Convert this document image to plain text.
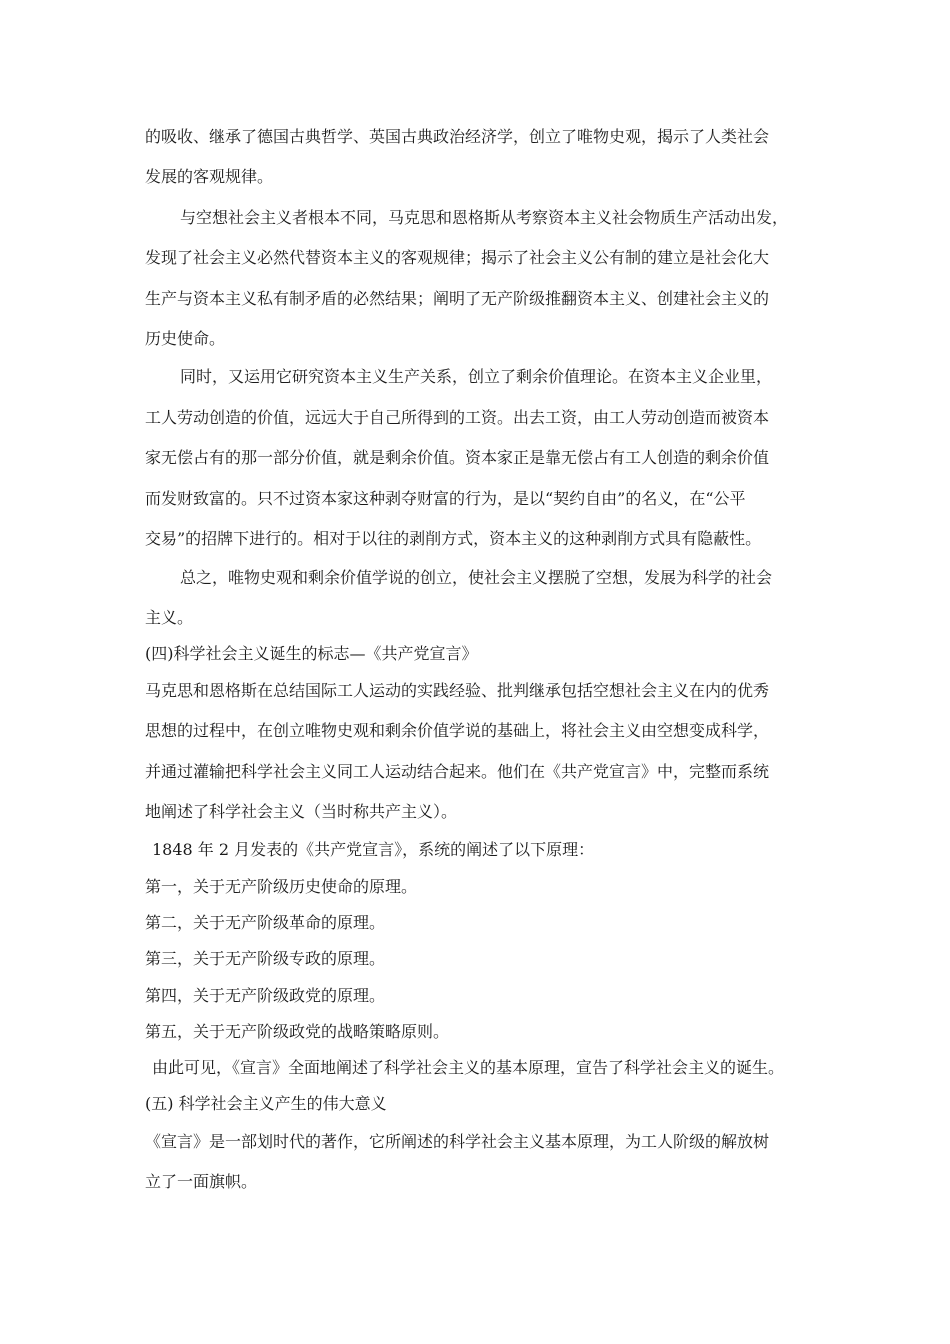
的吸收、继承了德国古典哲学、英国古典政治经济学，创立了唯物史观，揭示了人类社会
发展的客观规律。
与空想社会主义者根本不同，马克思和恩格斯从考察资本主义社会物质生产活动出发，
发现了社会主义必然代替资本主义的客观规律；揭示了社会主义公有制的建立是社会化大
生产与资本主义私有制矛盾的必然结果；阐明了无产阶级推翻资本主义、创建社会主义的
历史使命。
同时，又运用它研究资本主义生产关系，创立了剩余价值理论。在资本主义企业里，
工人劳动创造的价值，远远大于自己所得到的工资。出去工资，由工人劳动创造而被资本
家无偿占有的那一部分价值，就是剩余价值。资本家正是靠无偿占有工人创造的剩余价值
而发财致富的。只不过资本家这种剥夺财富的行为，是以“契约自由”的名义，在“公平
交易”的招牌下进行的。相对于以往的剥削方式，资本主义的这种剥削方式具有隐蔽性。
总之，唯物史观和剩余价值学说的创立，使社会主义摆脱了空想，发展为科学的社会
主义。
(四)科学社会主义诞生的标志—《共产党宣言》
马克思和恩格斯在总结国际工人运动的实践经验、批判继承包括空想社会主义在内的优秀
思想的过程中，在创立唯物史观和剩余价值学说的基础上，将社会主义由空想变成科学，
并通过灌输把科学社会主义同工人运动结合起来。他们在《共产党宣言》中，完整而系统
地阐述了科学社会主义（当时称共产主义）。
1848 年 2 月发表的《共产党宣言》，系统的阐述了以下原理：
第一，关于无产阶级历史使命的原理。
第二，关于无产阶级革命的原理。
第三，关于无产阶级专政的原理。
第四，关于无产阶级政党的原理。
第五，关于无产阶级政党的战略策略原则。
由此可见，《宣言》全面地阐述了科学社会主义的基本原理，宣告了科学社会主义的诞生。
(五) 科学社会主义产生的伟大意义
《宣言》是一部划时代的著作，它所阐述的科学社会主义基本原理，为工人阶级的解放树
立了一面旗帜。
